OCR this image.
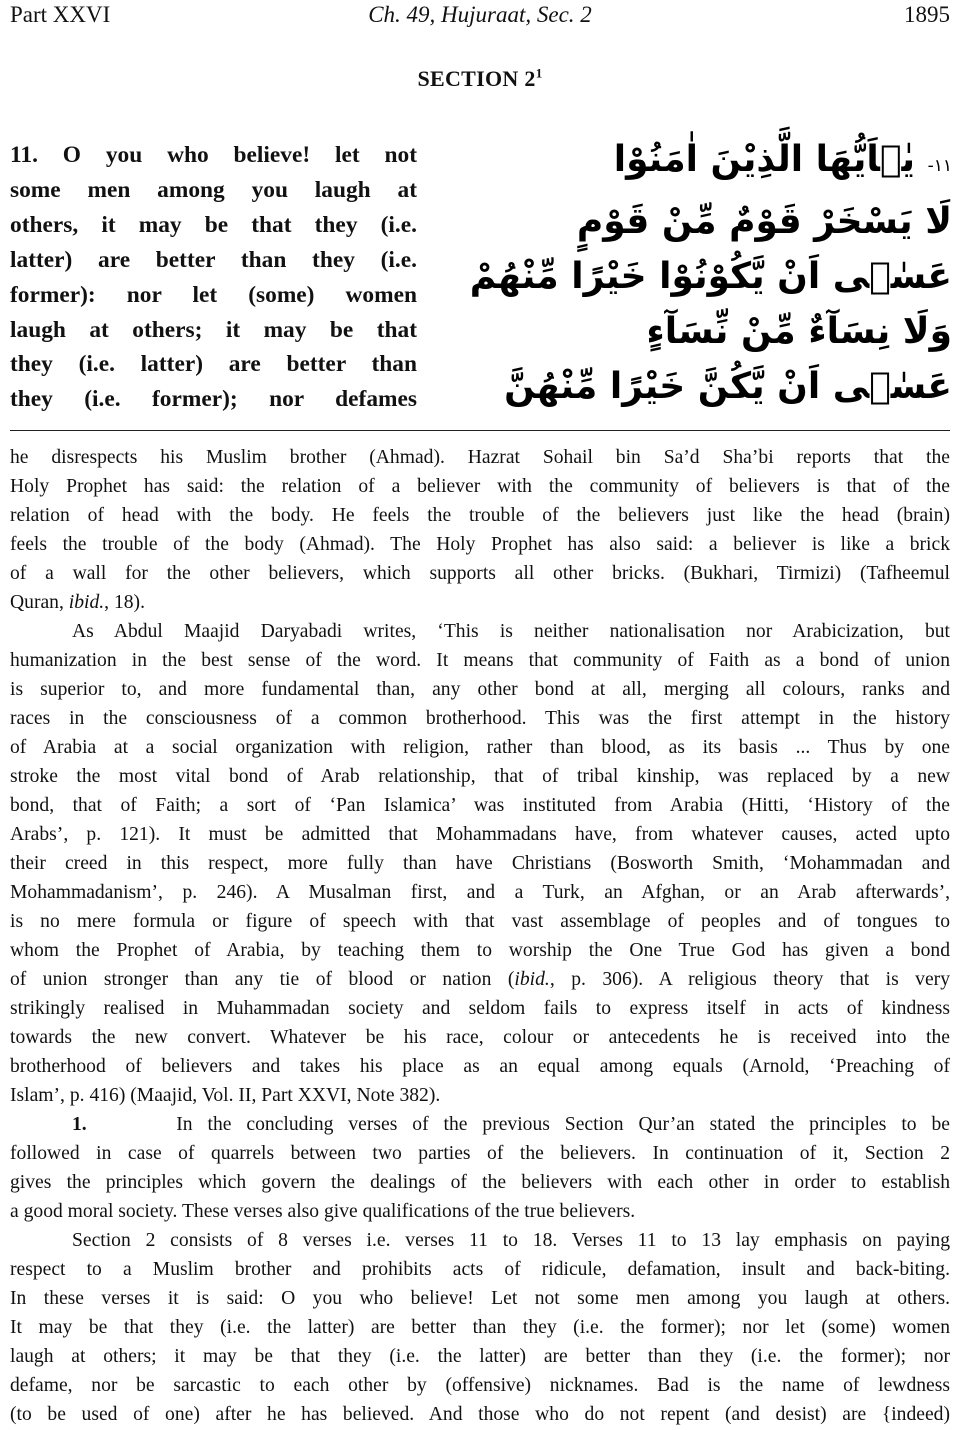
Part XXVI	Ch. 49, Hujuraat, Sec. 2	1895
SECTION $2^1$
11. O you who believe! let not
some men among you laugh at
others, it may be that they (i.e.
latter) are better than they (i.e.
former): nor let (some) women
laugh at others; it may be that
they (i.e. latter) are better than
they (i.e. former); nor defames
۱۱- يٰۤاَيُّهَا الَّذِيْنَ اٰمَنُوْا
لَا يَسْخَرْ قَوْمٌ مِّنْ قَوْمٍ
عَسٰۤى اَنْ يَّكُوْنُوْا خَيْرًا مِّنْهُمْ
وَلَا نِسَآءٌ مِّنْ نِّسَآءٍ
عَسٰۤى اَنْ يَّكُنَّ خَيْرًا مِّنْهُنَّ
he disrespects his Muslim brother (Ahmad). Hazrat Sohail bin Sa’d Sha’bi reports that the
Holy Prophet has said: the relation of a believer with the community of believers is that of the
relation of head with the body. He feels the trouble of the believers just like the head (brain)
feels the trouble of the body (Ahmad). The Holy Prophet has also said: a believer is like a brick
of a wall for the other believers, which supports all other bricks. (Bukhari, Tirmizi) (Tafheemul
Quran, ibid., 18).
As Abdul Maajid Daryabadi writes, ‘This is neither nationalisation nor Arabicization, but
humanization in the best sense of the word. It means that community of Faith as a bond of union
is superior to, and more fundamental than, any other bond at all, merging all colours, ranks and
races in the consciousness of a common brotherhood. This was the first attempt in the history
of Arabia at a social organization with religion, rather than blood, as its basis ... Thus by one
stroke the most vital bond of Arab relationship, that of tribal kinship, was replaced by a new
bond, that of Faith; a sort of ‘Pan Islamica’ was instituted from Arabia (Hitti, ‘History of the
Arabs’, p. 121). It must be admitted that Mohammadans have, from whatever causes, acted upto
their creed in this respect, more fully than have Christians (Bosworth Smith, ‘Mohammadan and
Mohammadanism’, p. 246). A Musalman first, and a Turk, an Afghan, or an Arab afterwards’,
is no mere formula or figure of speech with that vast assemblage of peoples and of tongues to
whom the Prophet of Arabia, by teaching them to worship the One True God has given a bond
of union stronger than any tie of blood or nation (ibid., p. 306). A religious theory that is very
strikingly realised in Muhammadan society and seldom fails to express itself in acts of kindness
towards the new convert. Whatever be his race, colour or antecedents he is received into the
brotherhood of believers and takes his place as an equal among equals (Arnold, ‘Preaching of
Islam’, p. 416) (Maajid, Vol. II, Part XXVI, Note 382).
1.	In the concluding verses of the previous Section Qur’an stated the principles to be
followed in case of quarrels between two parties of the believers. In continuation of it, Section 2
gives the principles which govern the dealings of the believers with each other in order to establish
a good moral society. These verses also give qualifications of the true believers.
Section 2 consists of 8 verses i.e. verses 11 to 18. Verses 11 to 13 lay emphasis on paying
respect to a Muslim brother and prohibits acts of ridicule, defamation, insult and back-biting.
In these verses it is said: O you who believe! Let not some men among you laugh at others.
It may be that they (i.e. the latter) are better than they (i.e. the former); nor let (some) women
laugh at others; it may be that they (i.e. the latter) are better than they (i.e. the former); nor
defame, nor be sarcastic to each other by (offensive) nicknames. Bad is the name of lewdness
(to be used of one) after he has believed. And those who do not repent (and desist) are {indeed)
